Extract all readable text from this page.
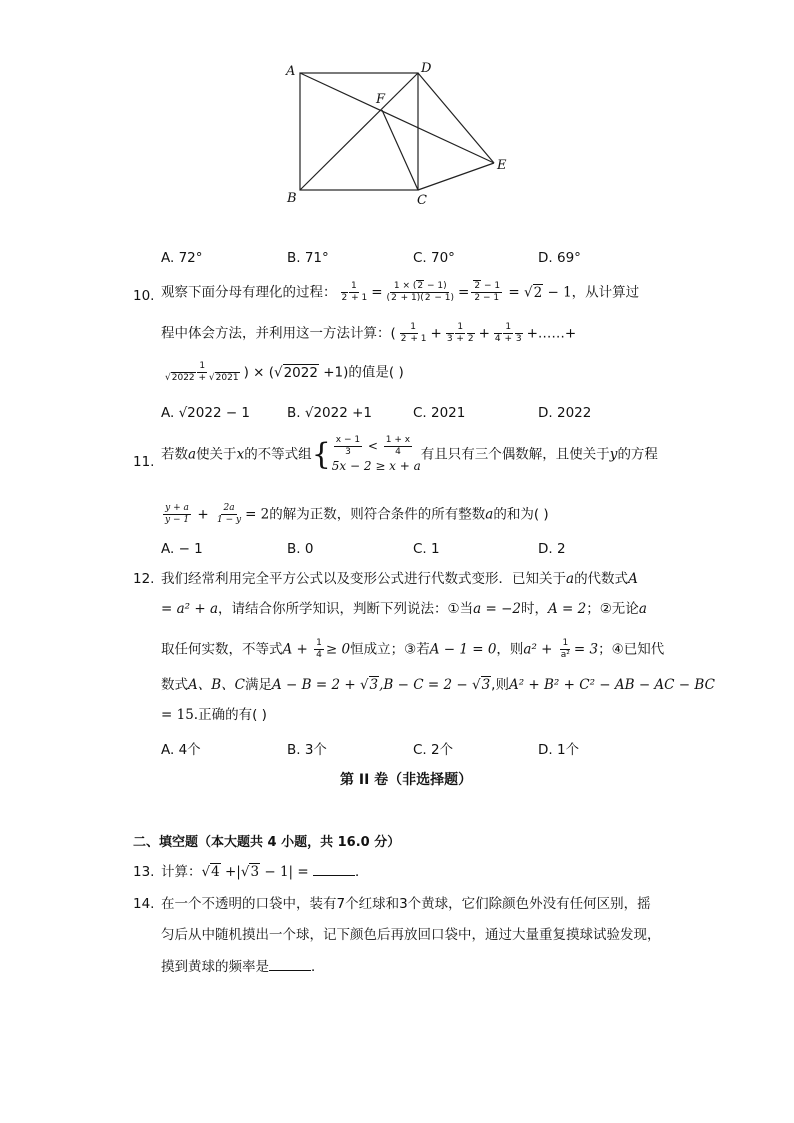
A	D
F
E
B	C
A. 72°	B. 71°	C. 70°	D. 69°
10. 观察下面分母有理化的过程： $\frac{1}{2 + 1} = \frac{1 \times (2 - 1)}{(2 + 1)(2 - 1)} = \frac{2 - 1}{2 - 1} = √2 - 1$，从计算过
程中体会方法，并利用这一方法计算：( $\frac{1}{2 + 1} + \frac{1}{3 + 2} + \frac{1}{4 + 3}$ +……+
$\frac{1}{√2022 + √2021}$ ) × (√2022 +1)的值是( )
A. √2022 − 1	B. √2022 +1	C. 2021	D. 2022
11. 若数a使关于x的不等式组 { $\frac{x - 1}{3} < \frac{1 + x}{4}$
5x − 2 ≥ x + a
有且只有三个偶数解，且使关于y的方程
$\frac{y + a}{y - 1} + \frac{2a}{1 - y} = 2$的解为正数，则符合条件的所有整数a的和为( )
A. − 1	B. 0	C. 1	D. 2
12. 我们经常利用完全平方公式以及变形公式进行代数式变形．已知关于a的代数式A
= a² + a，请结合你所学知识，判断下列说法：①当a = −2时，A = 2；②无论a
取任何实数，不等式$A + \frac{1}{4} \ge 0$恒成立；③若A − 1 = 0，则$a^2 + \frac{1}{\text{a²}} = 3$；④已知代
数式A、B、C满足A − B = 2 + √3,B − C = 2 − √3,则A² + B² + C² − AB − AC − BC
= 15.正确的有( )
A. 4个	B. 3个	C. 2个	D. 1个
第 II 卷（非选择题）
二、填空题（本大题共 4 小题，共 16.0 分）
13. 计算：√4 +|√3 − 1| =	．
14. 在一个不透明的口袋中，装有7个红球和3个黄球，它们除颜色外没有任何区别，摇
匀后从中随机摸出一个球，记下颜色后再放回口袋中，通过大量重复摸球试验发现，
摸到黄球的频率是	．
